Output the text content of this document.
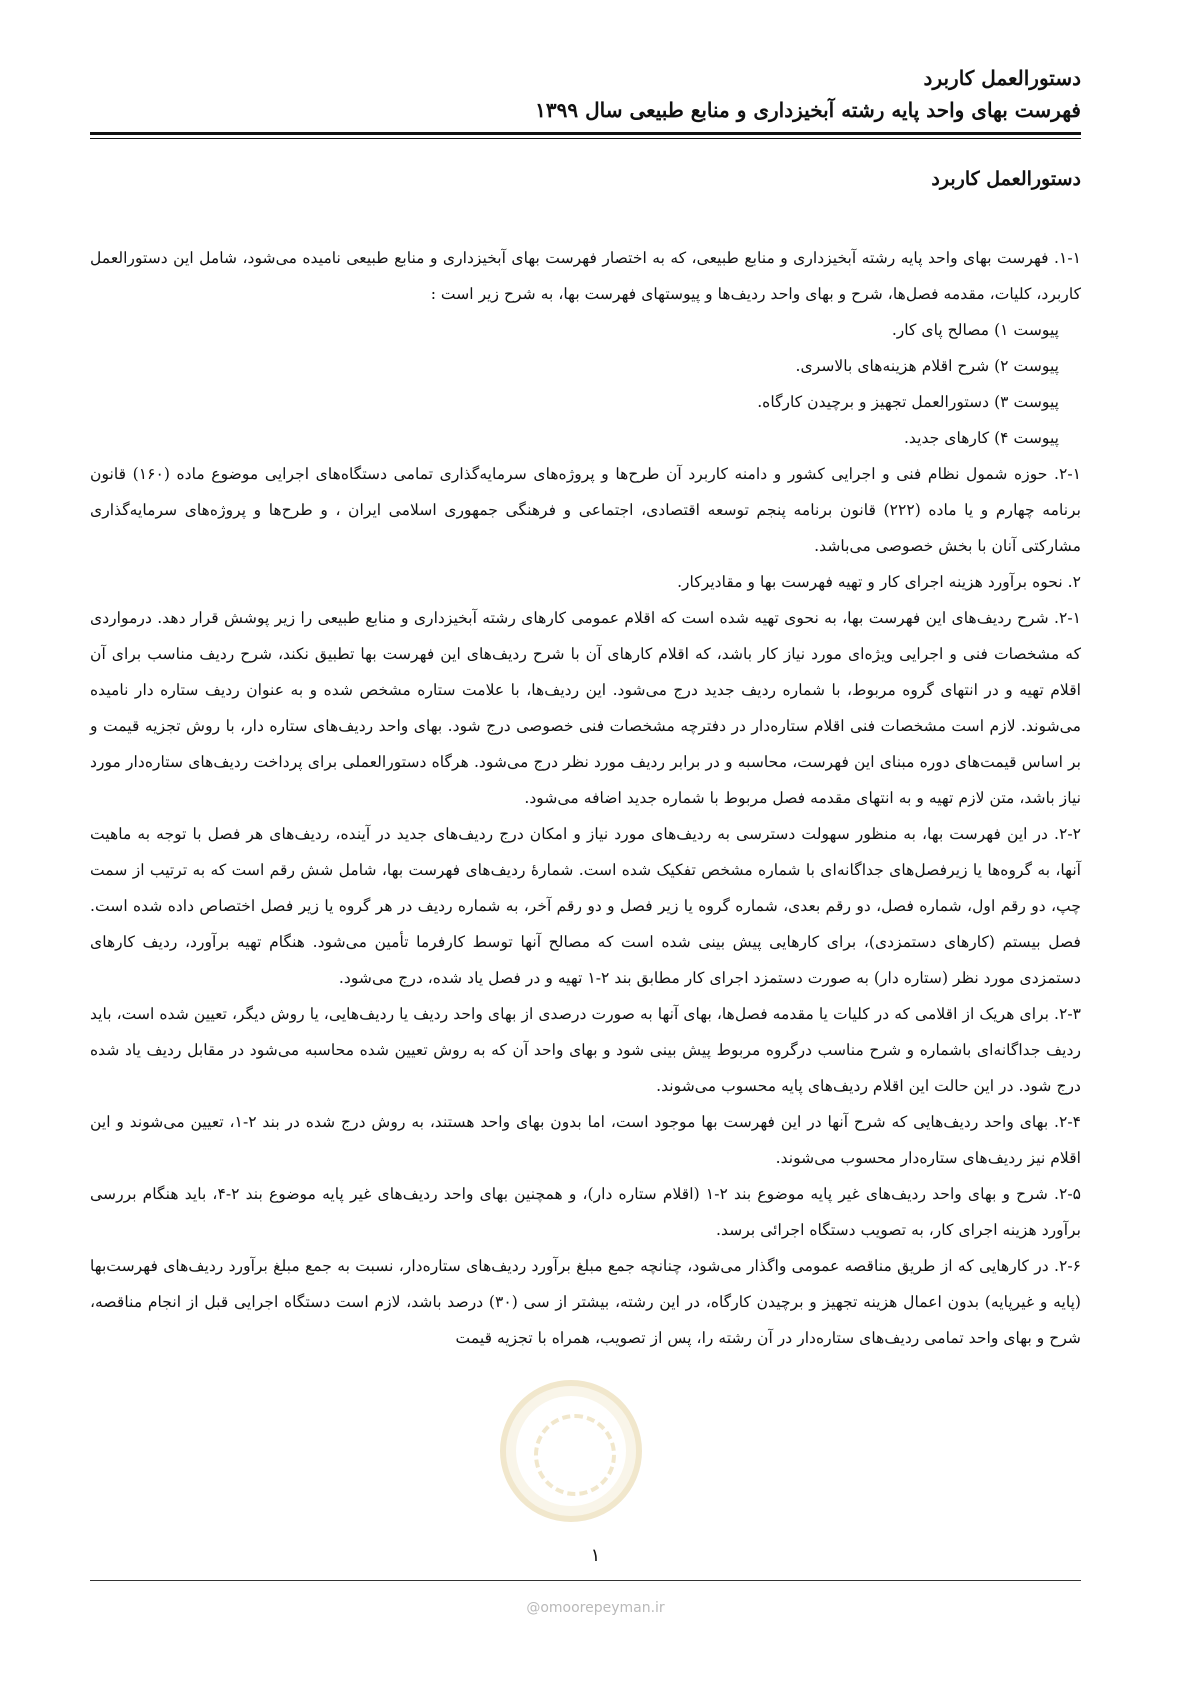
دستورالعمل کاربرد
فهرست بهای واحد پایه رشته آبخیزداری و منابع طبیعی سال ۱۳۹۹
دستورالعمل کاربرد

۱-۱. فهرست بهای واحد پایه رشته آبخیزداری و منابع طبیعی، که به اختصار فهرست بهای آبخیزداری و منابع طبیعی نامیده می‌شود، شامل این دستورالعمل کاربرد، کلیات، مقدمه فصل‌ها، شرح و بهای واحد ردیف‌ها و پیوستهای فهرست بها، به شرح زیر است :

پیوست ۱) مصالح پای کار.

پیوست ۲) شرح اقلام هزینه‌های بالاسری.

پیوست ۳) دستورالعمل تجهیز و برچیدن کارگاه.

پیوست ۴) کارهای جدید.

۲-۱. حوزه شمول نظام فنی و اجرایی کشور و دامنه کاربرد آن طرح‌ها و پروژه‌های سرمایه‌گذاری تمامی دستگاه‌های اجرایی موضوع ماده (۱۶۰) قانون برنامه چهارم و یا ماده (۲۲۲) قانون برنامه پنجم توسعه اقتصادی، اجتماعی و فرهنگی جمهوری اسلامی ایران ، و طرح‌ها و پروژه‌های سرمایه‌گذاری مشارکتی آنان با بخش خصوصی می‌باشد.

۲. نحوه برآورد هزینه اجرای کار و تهیه فهرست بها و مقادیرکار.

۲-۱. شرح ردیف‌های این فهرست بها، به نحوی تهیه شده است که اقلام عمومی کارهای رشته آبخیزداری و منابع طبیعی را زیر پوشش قرار دهد. درمواردی که مشخصات فنی و اجرایی ویژه‌ای مورد نیاز کار باشد، که اقلام کارهای آن با شرح ردیف‌های این فهرست بها تطبیق نکند، شرح ردیف مناسب برای آن اقلام تهیه و در انتهای گروه مربوط، با شماره ردیف جدید درج می‌شود. این ردیف‌ها، با علامت ستاره مشخص شده و به عنوان ردیف ستاره دار نامیده می‌شوند. لازم است مشخصات فنی اقلام ستاره‌دار در دفترچه مشخصات فنی خصوصی درج شود. بهای واحد ردیف‌های ستاره دار، با روش تجزیه قیمت و بر اساس قیمت‌های دوره مبنای این فهرست، محاسبه و در برابر ردیف مورد نظر درج می‌شود. هرگاه دستورالعملی برای پرداخت ردیف‌های ستاره‌دار مورد نیاز باشد، متن لازم تهیه و به انتهای مقدمه فصل مربوط با شماره جدید اضافه می‌شود.

۲-۲. در این فهرست بها، به منظور سهولت دسترسی به ردیف‌های مورد نیاز و امکان درج ردیف‌های جدید در آینده، ردیف‌های هر فصل با توجه به ماهیت آنها، به گروه‌ها یا زیرفصل‌های جداگانه‌ای با شماره مشخص تفکیک شده است. شمارهٔ ردیف‌های فهرست بها، شامل شش رقم است که به ترتیب از سمت چپ، دو رقم اول، شماره فصل، دو رقم بعدی، شماره گروه یا زیر فصل و دو رقم آخر، به شماره ردیف در هر گروه یا زیر فصل اختصاص داده شده است. فصل بیستم (کارهای دستمزدی)، برای کارهایی پیش بینی شده است که مصالح آنها توسط کارفرما تأمین می‌شود. هنگام تهیه برآورد، ردیف کارهای دستمزدی مورد نظر (ستاره دار) به صورت دستمزد اجرای کار مطابق بند ۲-۱ تهیه و در فصل یاد شده، درج می‌شود.

۲-۳. برای هریک از اقلامی که در کلیات یا مقدمه فصل‌ها، بهای آنها به صورت درصدی از بهای واحد ردیف یا ردیف‌هایی، یا روش دیگر، تعیین شده است، باید ردیف جداگانه‌ای باشماره و شرح مناسب درگروه مربوط پیش بینی شود و بهای واحد آن که به روش تعیین شده محاسبه می‌شود در مقابل ردیف یاد شده درج شود. در این حالت این اقلام ردیف‌های پایه محسوب می‌شوند.

۲-۴. بهای واحد ردیف‌هایی که شرح آنها در این فهرست بها موجود است، اما بدون بهای واحد هستند، به روش درج شده در بند ۲-۱، تعیین می‌شوند و این اقلام نیز ردیف‌های ستاره‌دار محسوب می‌شوند.

۲-۵. شرح و بهای واحد ردیف‌های غیر پایه موضوع بند ۲-۱ (اقلام ستاره دار)، و همچنین بهای واحد ردیف‌های غیر پایه موضوع بند ۲-۴، باید هنگام بررسی برآورد هزینه اجرای کار، به تصویب دستگاه اجرائی برسد.

۲-۶. در کارهایی که از طریق مناقصه عمومی واگذار می‌شود، چنانچه جمع مبلغ برآورد ردیف‌های ستاره‌دار، نسبت به جمع مبلغ برآورد ردیف‌های فهرست‌بها (پایه و غیرپایه) بدون اعمال هزینه تجهیز و برچیدن کارگاه، در این رشته، بیشتر از سی (۳۰) درصد باشد، لازم است دستگاه اجرایی قبل از انجام مناقصه، شرح و بهای واحد تمامی ردیف‌های ستاره‌دار در آن رشته را، پس از تصویب، همراه با تجزیه قیمت

۱
@omoorepeyman.ir
